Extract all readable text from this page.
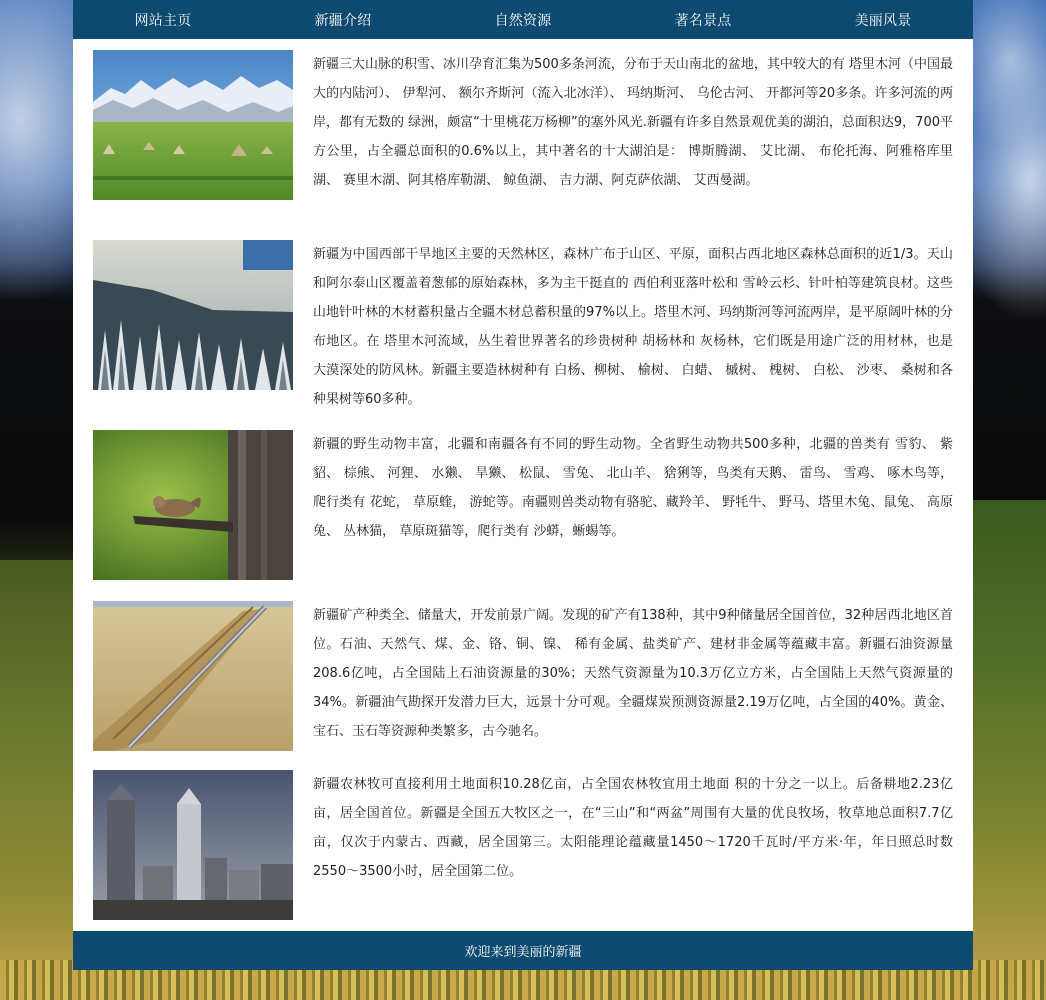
网站主页	新疆介绍	自然资源	著名景点	美丽风景
新疆三大山脉的积雪、冰川孕育汇集为500多条河流，分布于天山南北的盆地，其中较大的有 塔里木河（中国最大的内陆河）、 伊犁河、 额尔齐斯河（流入北冰洋）、 玛纳斯河、 乌伦古河、 开都河等20多条。许多河流的两岸，都有无数的 绿洲，颇富“十里桃花万杨柳”的塞外风光.新疆有许多自然景观优美的湖泊，总面积达9，700平方公里，占全疆总面积的0.6%以上，其中著名的十大湖泊是： 博斯腾湖、 艾比湖、 布伦托海、阿雅格库里湖、 赛里木湖、阿其格库勒湖、 鲸鱼湖、 吉力湖、阿克萨依湖、 艾西曼湖。
新疆为中国西部干旱地区主要的天然林区，森林广布于山区、平原，面积占西北地区森林总面积的近1/3。天山和阿尔泰山区覆盖着葱郁的原始森林，多为主干挺直的 西伯利亚落叶松和 雪岭云杉、针叶柏等建筑良材。这些山地针叶林的木材蓄积量占全疆木材总蓄积量的97%以上。塔里木河、玛纳斯河等河流两岸，是平原阔叶林的分布地区。在 塔里木河流域，丛生着世界著名的珍贵树种 胡杨林和 灰杨林，它们既是用途广泛的用材林，也是 大漠深处的防风林。新疆主要造林树种有 白杨、柳树、 榆树、 白蜡、 槭树、 槐树、 白松、 沙枣、 桑树和各种果树等60多种。
新疆的野生动物丰富，北疆和南疆各有不同的野生动物。全省野生动物共500多种，北疆的兽类有 雪豹、 紫貂、 棕熊、 河狸、 水獭、 旱獭、 松鼠、 雪兔、 北山羊、 猞猁等，鸟类有天鹅、 雷鸟、 雪鸡、 啄木鸟等，爬行类有 花蛇， 草原蝰， 游蛇等。南疆则兽类动物有骆驼、藏羚羊、 野牦牛、 野马、塔里木兔、鼠兔、 高原兔、 丛林猫， 草原斑猫等，爬行类有 沙蟒，蜥蜴等。
新疆矿产种类全、储量大，开发前景广阔。发现的矿产有138种，其中9种储量居全国首位，32种居西北地区首位。石油、天然气、煤、金、铬、铜、镍、 稀有金属、盐类矿产、建材非金属等蕴藏丰富。新疆石油资源量208.6亿吨，占全国陆上石油资源量的30%；天然气资源量为10.3万亿立方米，占全国陆上天然气资源量的34%。新疆油气勘探开发潜力巨大，远景十分可观。全疆煤炭预测资源量2.19万亿吨，占全国的40%。黄金、宝石、玉石等资源种类繁多，古今驰名。
新疆农林牧可直接利用土地面积10.28亿亩，占全国农林牧宜用土地面 积的十分之一以上。后备耕地2.23亿亩，居全国首位。新疆是全国五大牧区之一，在“三山”和“两盆”周围有大量的优良牧场，牧草地总面积7.7亿亩，仅次于内蒙古、西藏，居全国第三。太阳能理论蕴藏量1450～1720千瓦时/平方米·年，年日照总时数2550～3500小时，居全国第二位。
欢迎来到美丽的新疆
